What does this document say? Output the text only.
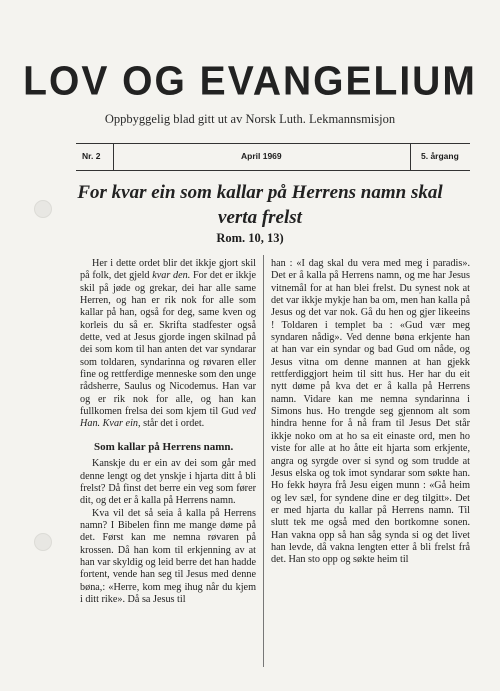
LOV OG EVANGELIUM
Oppbyggelig blad gitt ut av Norsk Luth. Lekmannsmisjon
Nr. 2	April 1969	5. årgang
For kvar ein som kallar på Herrens namn skal verta frelst
Rom. 10, 13)

Her i dette ordet blir det ikkje gjort skil på folk, det gjeld kvar den. For det er ikkje skil på jøde og grekar, dei har alle same Herren, og han er rik nok for alle som kallar på han, også for deg, same kven og korleis du så er. Skrifta stadfester også dette, ved at Jesus gjorde ingen skilnad på dei som kom til han anten det var syndarar som toldaren, syndarinna og røvaren eller fine og rettferdige menneske som den unge rådsherre, Saulus og Nicodemus. Han var og er rik nok for alle, og han kan fullkomen frelsa dei som kjem til Gud ved Han. Kvar ein, står det i ordet.

Som kallar på Herrens namn.

Kanskje du er ein av dei som går med denne lengt og det ynskje i hjarta ditt å bli frelst? Då finst det berre ein veg som fører dit, og det er å kalla på Herrens namn.

Kva vil det så seia å kalla på Herrens namn? I Bibelen finn me mange døme på det. Først kan me nemna røvaren på krossen. Då han kom til erkjenning av at han var skyldig og leid berre det han hadde fortent, vende han seg til Jesus med denne bøna,: «Herre, kom meg ihug når du kjem i ditt rike». Då sa Jesus til

han : «I dag skal du vera med meg i paradis». Det er å kalla på Herrens namn, og me har Jesus vitnemål for at han blei frelst. Du synest nok at det var ikkje mykje han ba om, men han kalla på Jesus og det var nok. Gå du hen og gjer likeeins ! Toldaren i templet ba : «Gud vær meg syndaren nådig». Ved denne bøna erkjente han at han var ein syndar og bad Gud om nåde, og Jesus vitna om denne mannen at han gjekk rettferdiggjort heim til sitt hus. Her har du eit nytt døme på kva det er å kalla på Herrens namn. Vidare kan me nemna syndarinna i Simons hus. Ho trengde seg gjennom alt som hindra henne for å nå fram til Jesus Det står ikkje noko om at ho sa eit einaste ord, men ho viste for alle at ho åtte eit hjarta som erkjente, angra og syrgde over si synd og som trudde at Jesus elska og tok imot syndarar som søkte han. Ho fekk høyra frå Jesu eigen munn : «Gå heim og lev sæl, for syndene dine er deg tilgitt». Det er med hjarta du kallar på Herrens namn. Til slutt tek me også med den bortkomne sonen. Han vakna opp så han såg synda si og det livet han levde, då vakna lengten etter å bli frelst frå det. Han sto opp og søkte heim til
